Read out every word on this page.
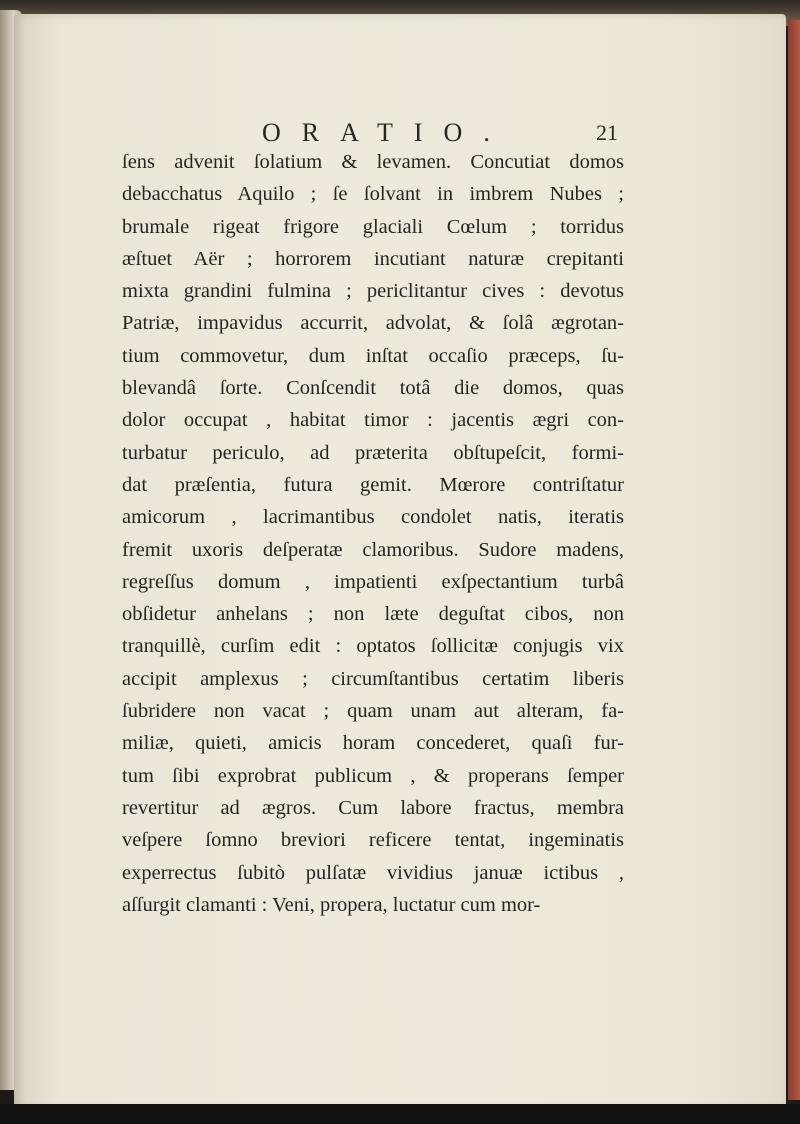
ORATIO.	21
ſens advenit ſolatium & levamen. Concutiat domos
debacchatus Aquilo ; ſe ſolvant in imbrem Nubes ;
brumale rigeat frigore glaciali Cœlum ; torridus
æſtuet Aër ; horrorem incutiant naturæ crepitanti
mixta grandini fulmina ; periclitantur cives : devotus
Patriæ, impavidus accurrit, advolat, & ſolâ ægrotan-
tium commovetur, dum inſtat occaſio præceps, ſu-
blevandâ ſorte. Conſcendit totâ die domos, quas
dolor occupat , habitat timor : jacentis ægri con-
turbatur periculo, ad præterita obſtupeſcit, formi-
dat præſentia, futura gemit. Mœrore contriſtatur
amicorum , lacrimantibus condolet natis, iteratis
fremit uxoris deſperatæ clamoribus. Sudore madens,
regreſſus domum , impatienti exſpectantium turbâ
obſidetur anhelans ; non læte deguſtat cibos, non
tranquillè, curſim edit : optatos ſollicitæ conjugis vix
accipit amplexus ; circumſtantibus certatim liberis
ſubridere non vacat ; quam unam aut alteram, fa-
miliæ, quieti, amicis horam concederet, quaſi fur-
tum ſibi exprobrat publicum , & properans ſemper
revertitur ad ægros. Cum labore fractus, membra
veſpere ſomno breviori reficere tentat, ingeminatis
experrectus ſubitò pulſatæ vividius januæ ictibus ,
aſſurgit clamanti : Veni, propera, luctatur cum mor-
